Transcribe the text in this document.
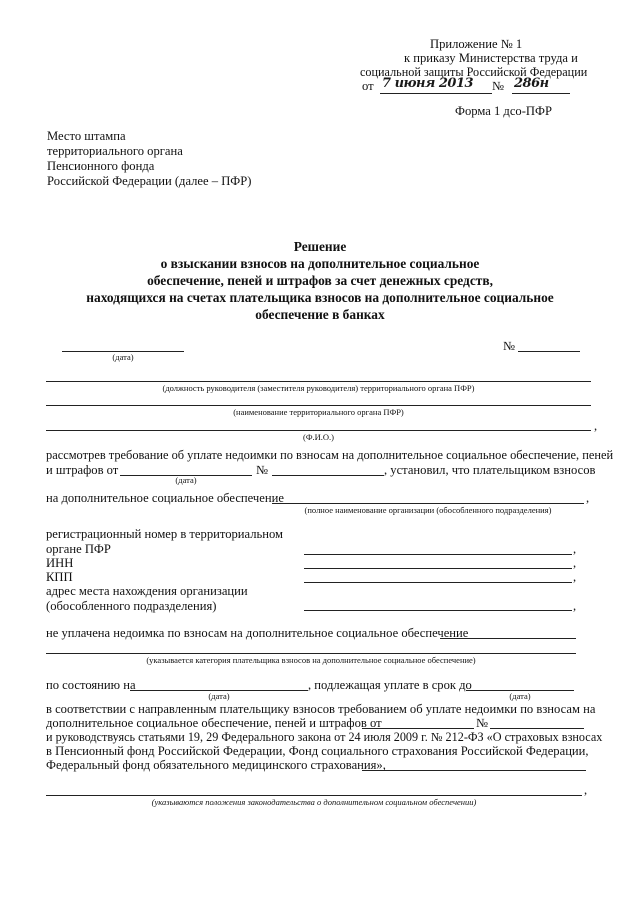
Приложение № 1
к приказу Министерства труда и
социальной защиты Российской Федерации
от 7 июня 2013	№ 286н
Форма 1 дсо-ПФР
Место штампа
территориального органа
Пенсионного фонда
Российской Федерации (далее – ПФР)
Решение
о взыскании взносов на дополнительное социальное
обеспечение, пеней и штрафов за счет денежных средств,
находящихся на счетах плательщика взносов на дополнительное социальное
обеспечение в банках
(дата)
№
(должность руководителя (заместителя руководителя) территориального органа ПФР)
(наименование территориального органа ПФР)
,
(Ф.И.О.)
рассмотрев требование об уплате недоимки по взносам на дополнительное социальное обеспечение, пеней
и штрафов от
(дата)
№	, установил, что плательщиком взносов
на дополнительное социальное обеспечение	,
(полное наименование организации (обособленного подразделения)
регистрационный номер в территориальном
органе ПФР	,
ИНН	,
КПП	,
адрес места нахождения организации
(обособленного подразделения)	,
не уплачена недоимка по взносам на дополнительное социальное обеспечение
(указывается категория плательщика взносов на дополнительное социальное обеспечение)
по состоянию на
(дата)
, подлежащая уплате в срок до
(дата)
в соответствии с направленным плательщику взносов требованием об уплате недоимки по взносам на
дополнительное социальное обеспечение, пеней и штрафов от	№
и руководствуясь статьями 19, 29 Федерального закона от 24 июля 2009 г. № 212-ФЗ «О страховых взносах
в Пенсионный фонд Российской Федерации, Фонд социального страхования Российской Федерации,
Федеральный фонд обязательного медицинского страхования»,
,
(указываются положения законодательства о дополнительном социальном обеспечении)
